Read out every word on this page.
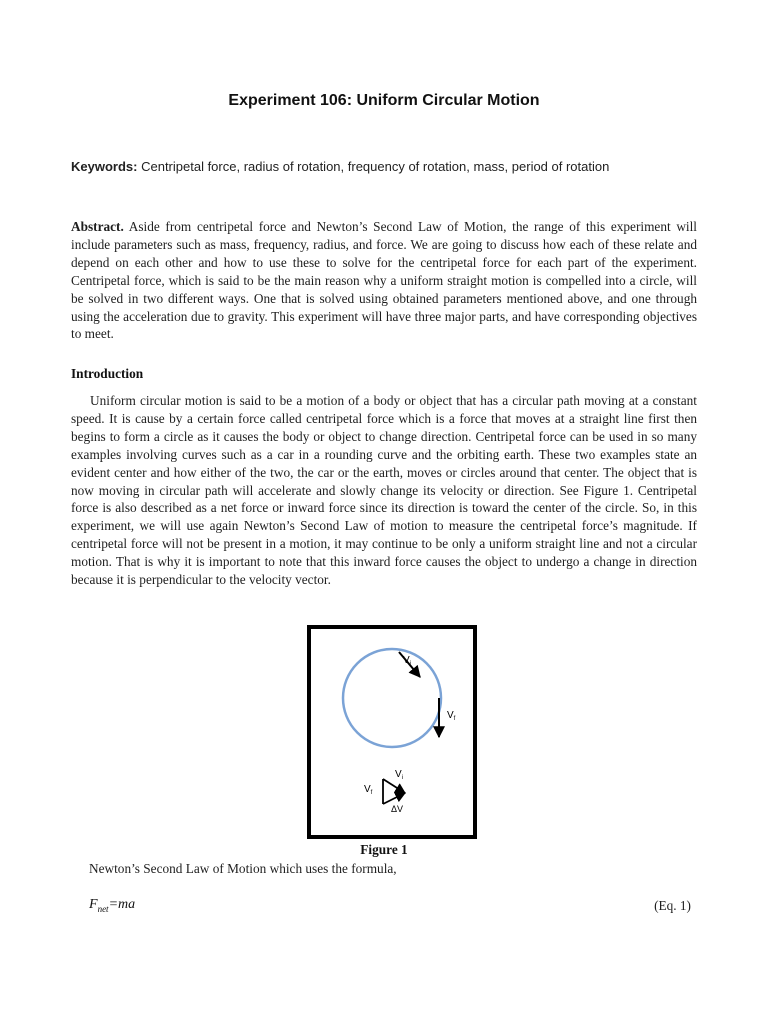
Experiment 106: Uniform Circular Motion
Keywords: Centripetal force, radius of rotation, frequency of rotation, mass, period of rotation
Abstract. Aside from centripetal force and Newton’s Second Law of Motion, the range of this experiment will include parameters such as mass, frequency, radius, and force. We are going to discuss how each of these relate and depend on each other and how to use these to solve for the centripetal force for each part of the experiment. Centripetal force, which is said to be the main reason why a uniform straight motion is compelled into a circle, will be solved in two different ways. One that is solved using obtained parameters mentioned above, and one through using the acceleration due to gravity. This experiment will have three major parts, and have corresponding objectives to meet.
Introduction
Uniform circular motion is said to be a motion of a body or object that has a circular path moving at a constant speed. It is cause by a certain force called centripetal force which is a force that moves at a straight line first then begins to form a circle as it causes the body or object to change direction. Centripetal force can be used in so many examples involving curves such as a car in a rounding curve and the orbiting earth. These two examples state an evident center and how either of the two, the car or the earth, moves or circles around that center. The object that is now moving in circular path will accelerate and slowly change its velocity or direction. See Figure 1. Centripetal force is also described as a net force or inward force since its direction is toward the center of the circle. So, in this experiment, we will use again Newton’s Second Law of motion to measure the centripetal force’s magnitude. If centripetal force will not be present in a motion, it may continue to be only a uniform straight line and not a circular motion. That is why it is important to note that this inward force causes the object to undergo a change in direction because it is perpendicular to the velocity vector.
$V_i$
$V_f$
$V_i$
$V_f$
ΔV
Figure 1
Newton’s Second Law of Motion which uses the formula,
$F_{net}=ma$	(Eq. 1)
